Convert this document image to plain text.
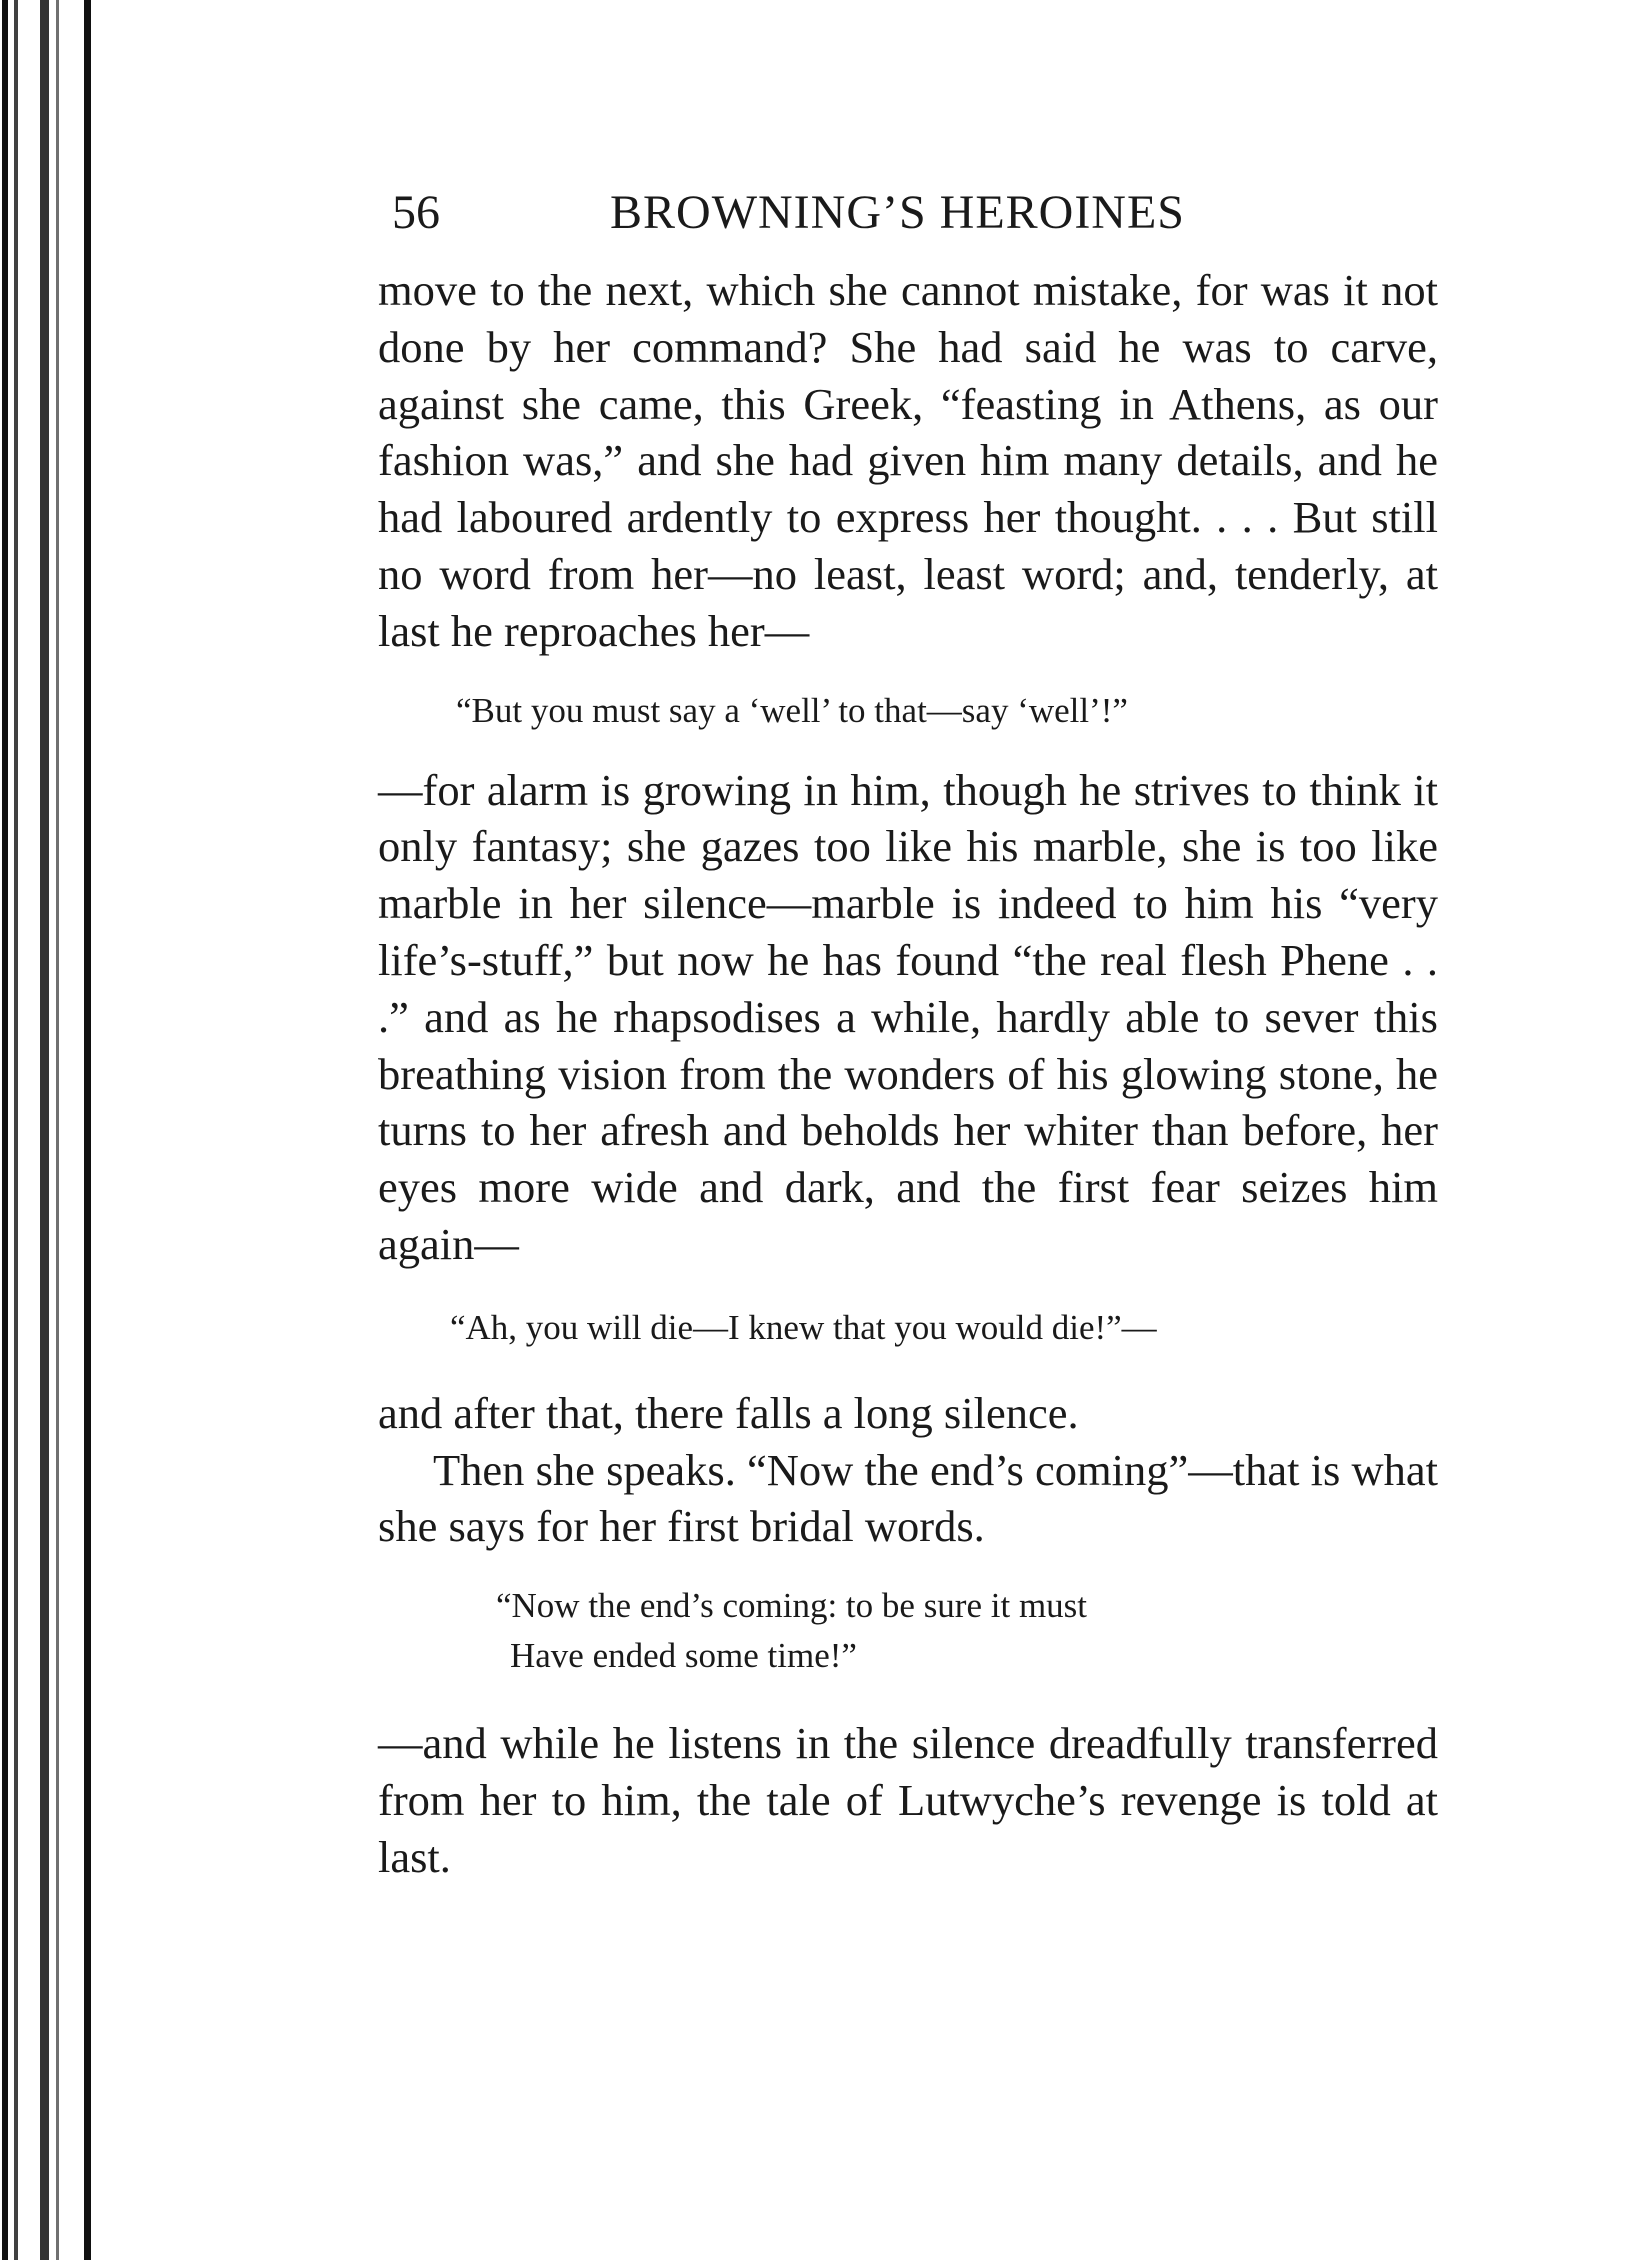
56	BROWNING’S HEROINES

move to the next, which she cannot mistake, for was it not done by her command? She had said he was to carve, against she came, this Greek, “feasting in Athens, as our fashion was,” and she had given him many details, and he had laboured ardently to express her thought. . . . But still no word from her—no least, least word; and, tenderly, at last he reproaches her—

“But you must say a ‘well’ to that—say ‘well’!”

—for alarm is growing in him, though he strives to think it only fantasy; she gazes too like his marble, she is too like marble in her silence—marble is indeed to him his “very life’s-stuff,” but now he has found “the real flesh Phene . . .” and as he rhapsodises a while, hardly able to sever this breathing vision from the wonders of his glowing stone, he turns to her afresh and beholds her whiter than before, her eyes more wide and dark, and the first fear seizes him again—

“Ah, you will die—I knew that you would die!”—

and after that, there falls a long silence.

Then she speaks. “Now the end’s coming”—that is what she says for her first bridal words.

“Now the end’s coming: to be sure it must
Have ended some time!”

—and while he listens in the silence dreadfully transferred from her to him, the tale of Lutwyche’s revenge is told at last.
